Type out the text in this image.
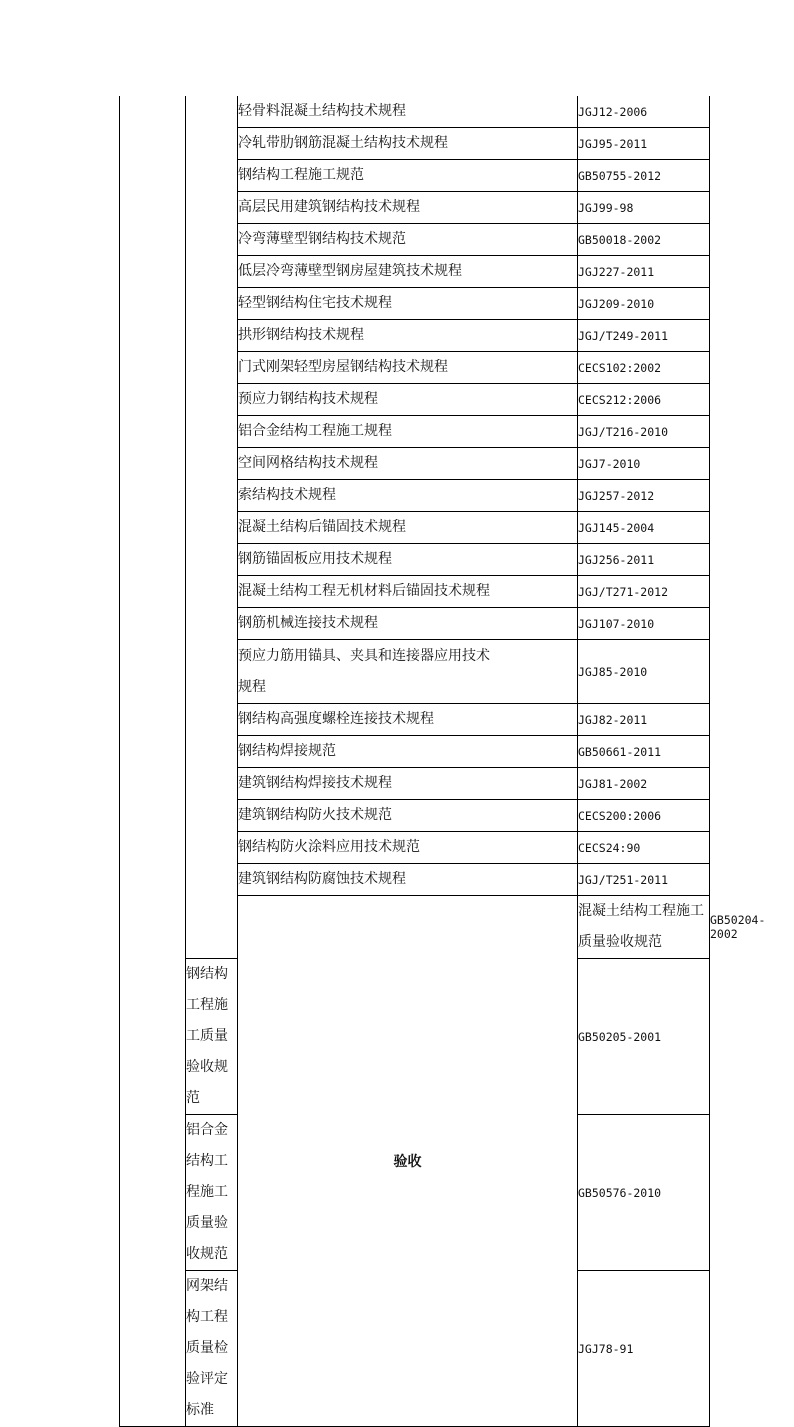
		轻骨料混凝土结构技术规程	JGJ12-2006	
		冷轧带肋钢筋混凝土结构技术规程	JGJ95-2011	
		钢结构工程施工规范	GB50755-2012	
		高层民用建筑钢结构技术规程	JGJ99-98	
		冷弯薄壁型钢结构技术规范	GB50018-2002	
		低层冷弯薄壁型钢房屋建筑技术规程	JGJ227-2011	
		轻型钢结构住宅技术规程	JGJ209-2010	
		拱形钢结构技术规程	JGJ/T249-2011	
		门式刚架轻型房屋钢结构技术规程	CECS102:2002	
		预应力钢结构技术规程	CECS212:2006	
		铝合金结构工程施工规程	JGJ/T216-2010	
		空间网格结构技术规程	JGJ7-2010	
		索结构技术规程	JGJ257-2012	
		混凝土结构后锚固技术规程	JGJ145-2004	
		钢筋锚固板应用技术规程	JGJ256-2011	
		混凝土结构工程无机材料后锚固技术规程	JGJ/T271-2012	
		钢筋机械连接技术规程	JGJ107-2010	

		预应力筋用锚具、夹具和连接器应用技术
规程	JGJ85-2010	
		钢结构高强度螺栓连接技术规程	JGJ82-2011	
		钢结构焊接规范	GB50661-2011	
		建筑钢结构焊接技术规程	JGJ81-2002	
		建筑钢结构防火技术规范	CECS200:2006	
		钢结构防火涂料应用技术规范	CECS24:90	
		建筑钢结构防腐蚀技术规程	JGJ/T251-2011	
		验收	混凝土结构工程施工质量验收规范	GB50204-2002
	钢结构工程施工质量验收规范		GB50205-2001	
	铝合金结构工程施工质量验收规范		GB50576-2010	
	网架结构工程质量检验评定标准		JGJ78-91	
